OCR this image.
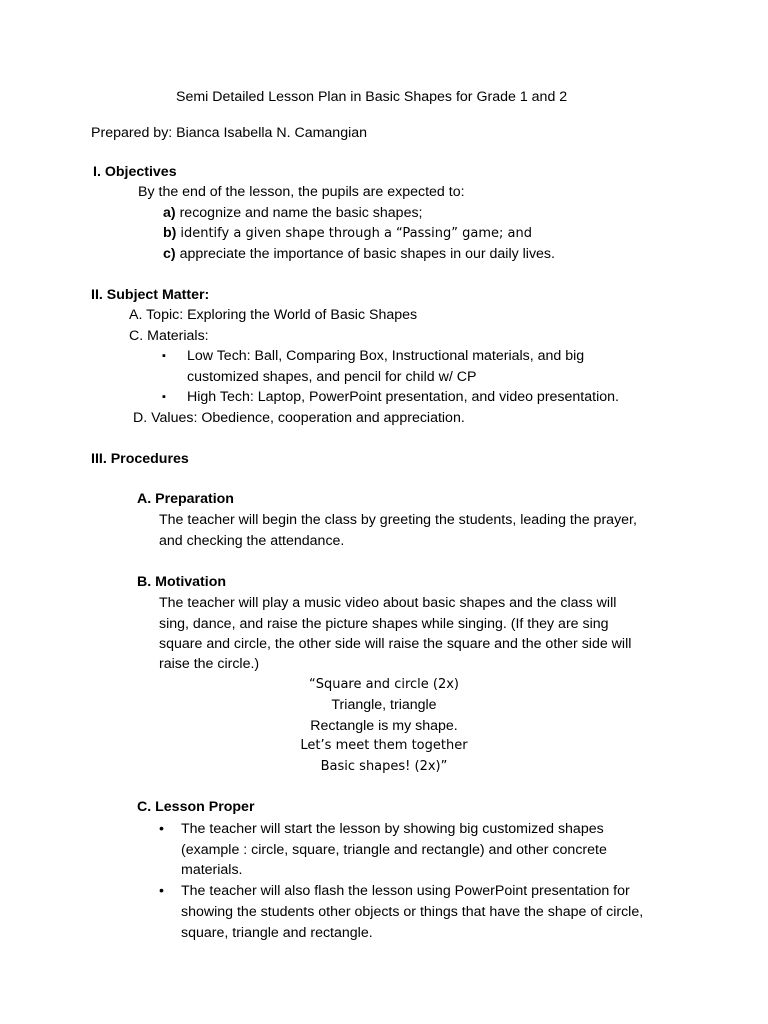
Semi Detailed Lesson Plan in Basic Shapes for Grade 1 and 2
Prepared by: Bianca Isabella N. Camangian
I. Objectives
By the end of the lesson, the pupils are expected to:
a) recognize and name the basic shapes;
b) identify a given shape through a “Passing” game; and
c) appreciate the importance of basic shapes in our daily lives.
II. Subject Matter:
A. Topic: Exploring the World of Basic Shapes
C. Materials:
▪ Low Tech: Ball, Comparing Box, Instructional materials, and big
customized shapes, and pencil for child w/ CP
▪ High Tech: Laptop, PowerPoint presentation, and video presentation.
D. Values: Obedience, cooperation and appreciation.
III. Procedures
A. Preparation
The teacher will begin the class by greeting the students, leading the prayer,
and checking the attendance.
B. Motivation
The teacher will play a music video about basic shapes and the class will
sing, dance, and raise the picture shapes while singing. (If they are sing
square and circle, the other side will raise the square and the other side will
raise the circle.)
“Square and circle (2x)
Triangle, triangle
Rectangle is my shape.
Let’s meet them together
Basic shapes! (2x)”
C. Lesson Proper
• The teacher will start the lesson by showing big customized shapes
(example : circle, square, triangle and rectangle) and other concrete
materials.
• The teacher will also flash the lesson using PowerPoint presentation for
showing the students other objects or things that have the shape of circle,
square, triangle and rectangle.
